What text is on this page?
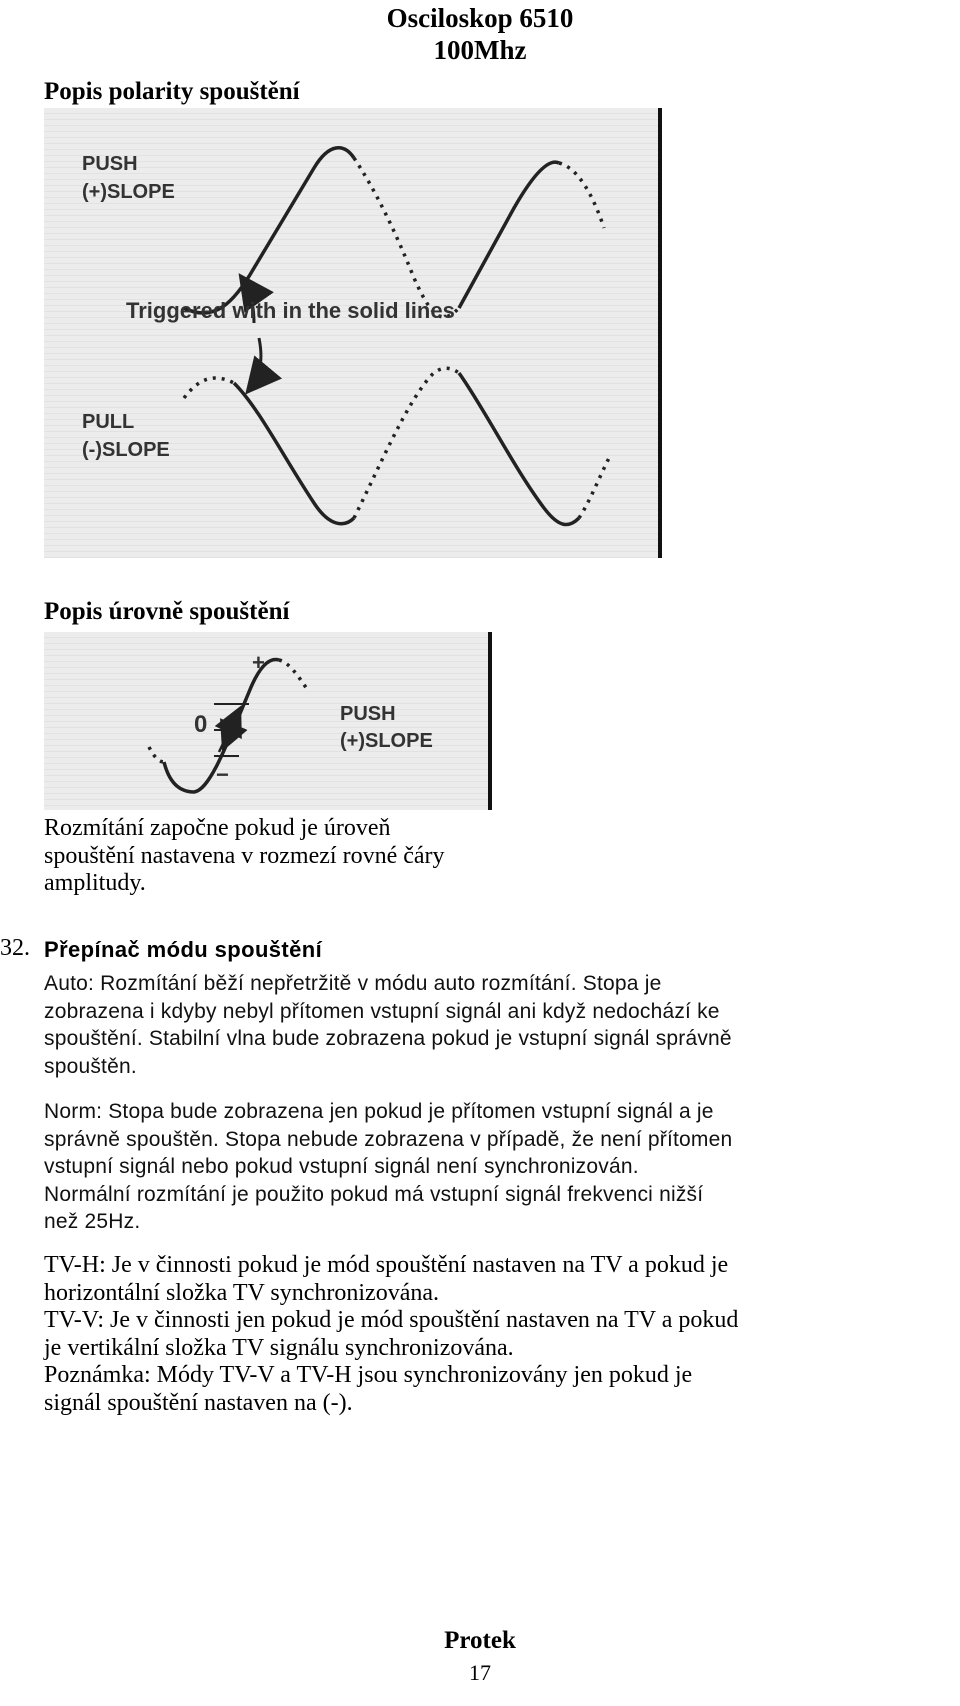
Osciloskop 6510
100Mhz
Popis polarity spouštění
PUSH
(+)SLOPE
Triggered with in the solid lines
PULL
(-)SLOPE
Popis úrovně spouštění
+
0
−
PUSH
(+)SLOPE

Rozmítání započne pokud je úroveň

spouštění nastavena v rozmezí rovné čáry

amplitudy.

32. Přepínač módu spouštění

Auto: Rozmítání běží nepřetržitě v módu auto rozmítání. Stopa je

zobrazena i kdyby nebyl přítomen vstupní signál ani když nedochází ke

spouštění. Stabilní vlna bude zobrazena pokud je vstupní signál správně

spouštěn.

Norm: Stopa bude zobrazena jen pokud je přítomen vstupní signál a je

správně spouštěn. Stopa nebude zobrazena v případě, že není přítomen

vstupní signál nebo pokud vstupní signál není synchronizován.

Normální rozmítání je použito pokud má vstupní signál frekvenci nižší

než 25Hz.

TV-H: Je v činnosti pokud je mód spouštění nastaven na TV a pokud je

horizontální složka TV synchronizována.

TV-V: Je v činnosti jen pokud je mód spouštění nastaven na TV a pokud

je vertikální složka TV signálu synchronizována.

Poznámka: Módy TV-V a TV-H jsou synchronizovány jen pokud je

signál spouštění nastaven na (-).

Protek
17
